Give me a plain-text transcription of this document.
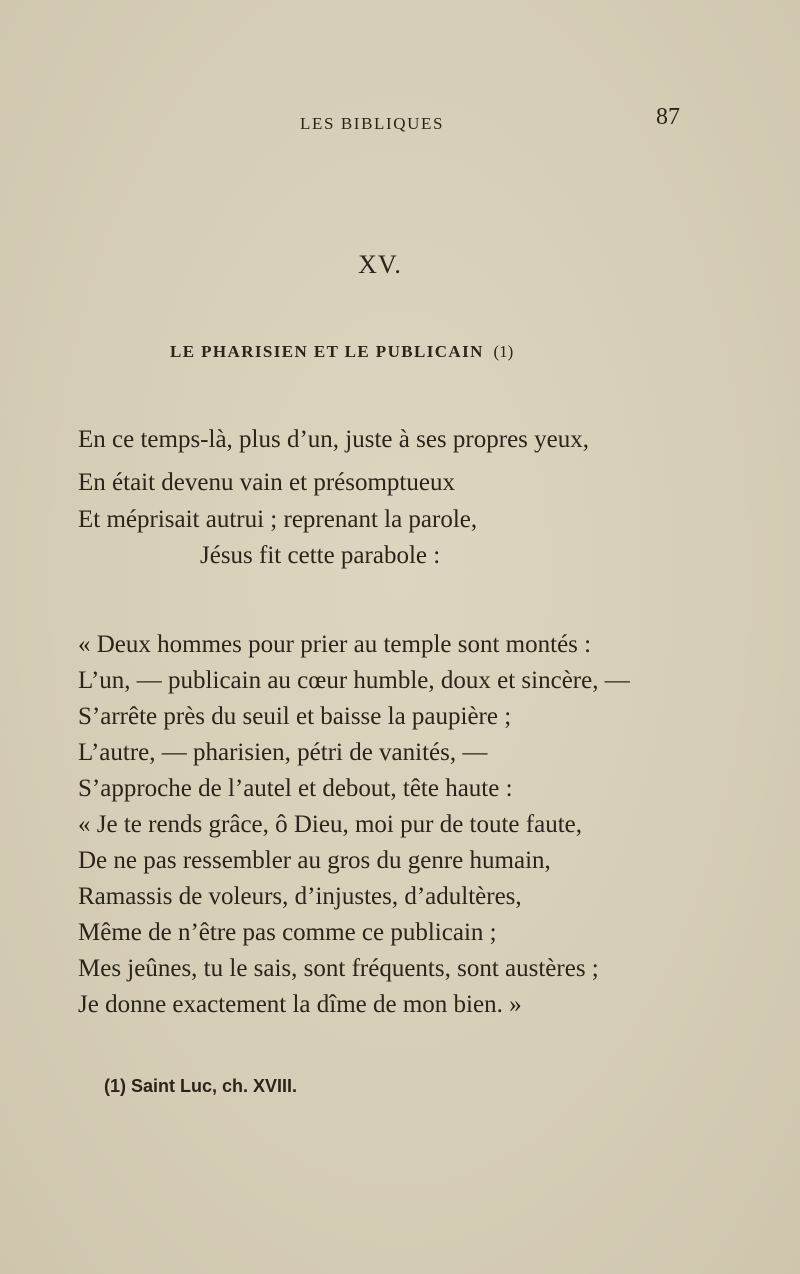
LES BIBLIQUES	87
XV.
LE PHARISIEN ET LE PUBLICAIN (1)
En ce temps-là, plus d’un, juste à ses propres yeux,
En était devenu vain et présomptueux
Et méprisait autrui ; reprenant la parole,
Jésus fit cette parabole :
« Deux hommes pour prier au temple sont montés :
L’un, — publicain au cœur humble, doux et sincère, —
S’arrête près du seuil et baisse la paupière ;
L’autre, — pharisien, pétri de vanités, —
S’approche de l’autel et debout, tête haute :
« Je te rends grâce, ô Dieu, moi pur de toute faute,
De ne pas ressembler au gros du genre humain,
Ramassis de voleurs, d’injustes, d’adultères,
Même de n’être pas comme ce publicain ;
Mes jeûnes, tu le sais, sont fréquents, sont austères ;
Je donne exactement la dîme de mon bien. »
(1) Saint Luc, ch. XVIII.
